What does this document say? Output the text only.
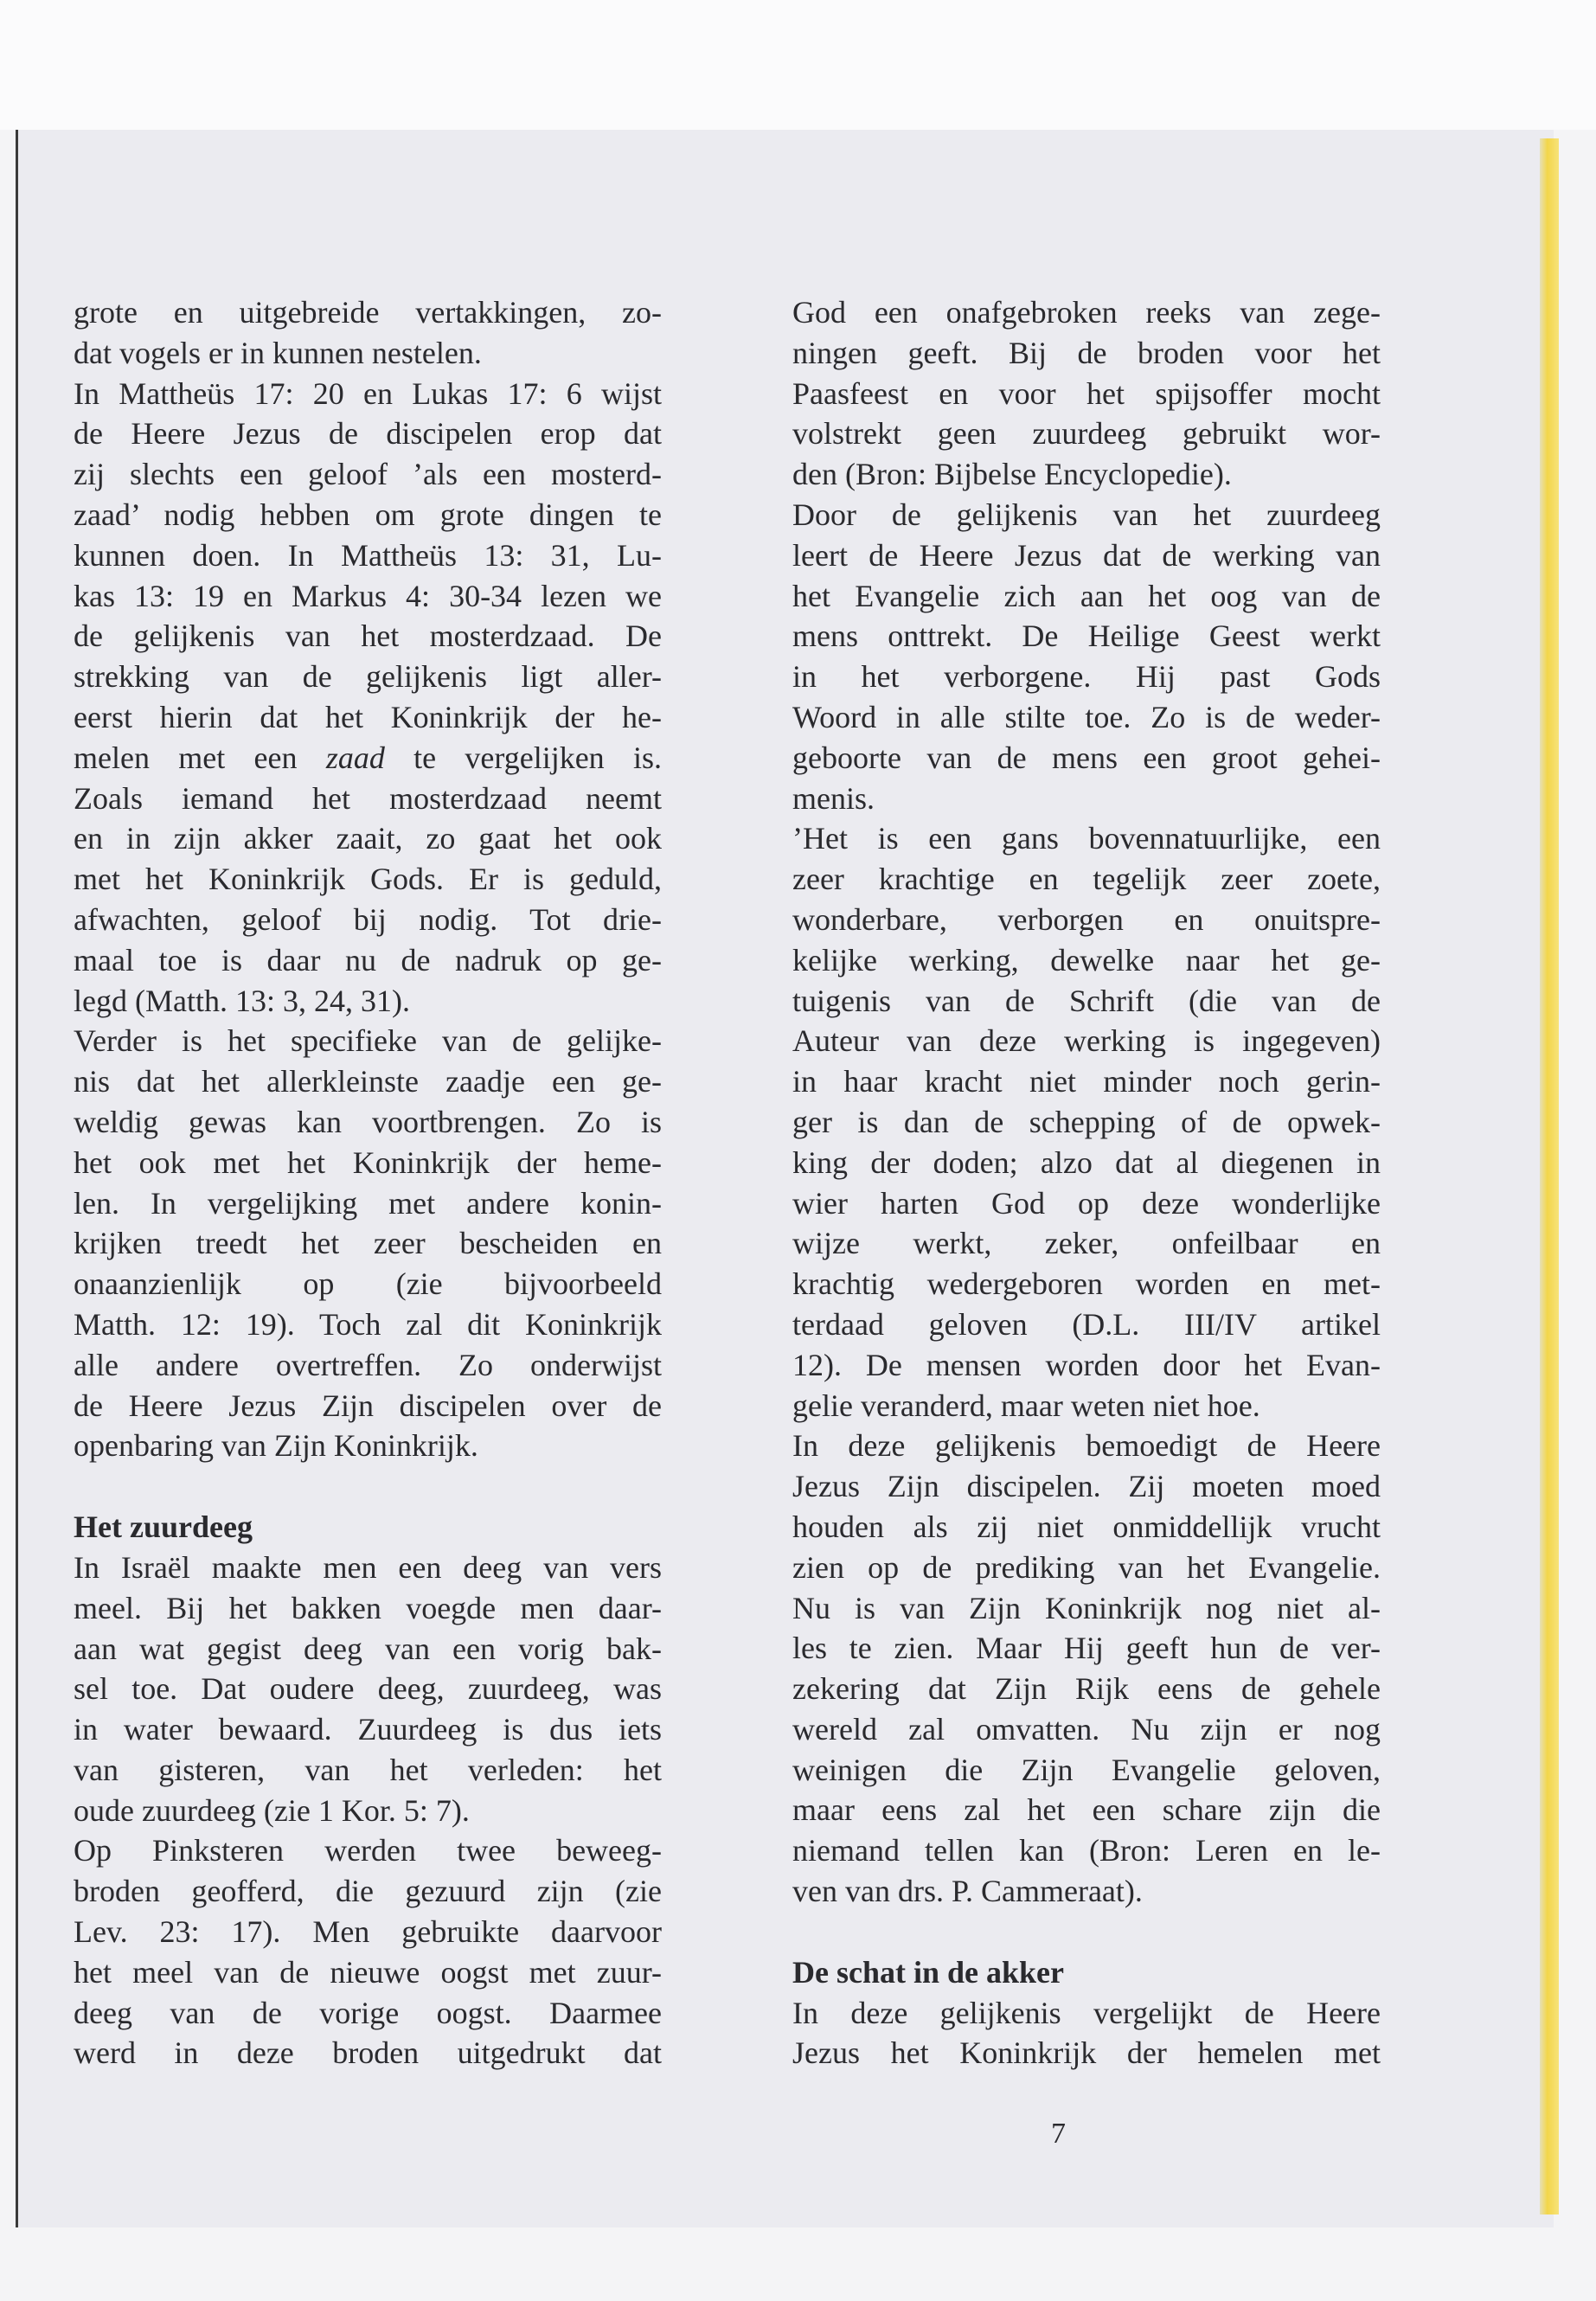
grote en uitgebreide vertakkingen, zo-
dat vogels er in kunnen nestelen.
In Mattheüs 17: 20 en Lukas 17: 6 wijst
de Heere Jezus de discipelen erop dat
zij slechts een geloof ’als een mosterd-
zaad’ nodig hebben om grote dingen te
kunnen doen. In Mattheüs 13: 31, Lu-
kas 13: 19 en Markus 4: 30-34 lezen we
de gelijkenis van het mosterdzaad. De
strekking van de gelijkenis ligt aller-
eerst hierin dat het Koninkrijk der he-
melen met een zaad te vergelijken is.
Zoals iemand het mosterdzaad neemt
en in zijn akker zaait, zo gaat het ook
met het Koninkrijk Gods. Er is geduld,
afwachten, geloof bij nodig. Tot drie-
maal toe is daar nu de nadruk op ge-
legd (Matth. 13: 3, 24, 31).
Verder is het specifieke van de gelijke-
nis dat het allerkleinste zaadje een ge-
weldig gewas kan voortbrengen. Zo is
het ook met het Koninkrijk der heme-
len. In vergelijking met andere konin-
krijken treedt het zeer bescheiden en
onaanzienlijk op (zie bijvoorbeeld
Matth. 12: 19). Toch zal dit Koninkrijk
alle andere overtreffen. Zo onderwijst
de Heere Jezus Zijn discipelen over de
openbaring van Zijn Koninkrijk.
Het zuurdeeg
In Israël maakte men een deeg van vers
meel. Bij het bakken voegde men daar-
aan wat gegist deeg van een vorig bak-
sel toe. Dat oudere deeg, zuurdeeg, was
in water bewaard. Zuurdeeg is dus iets
van gisteren, van het verleden: het
oude zuurdeeg (zie 1 Kor. 5: 7).
Op Pinksteren werden twee beweeg-
broden geofferd, die gezuurd zijn (zie
Lev. 23: 17). Men gebruikte daarvoor
het meel van de nieuwe oogst met zuur-
deeg van de vorige oogst. Daarmee
werd in deze broden uitgedrukt dat
God een onafgebroken reeks van zege-
ningen geeft. Bij de broden voor het
Paasfeest en voor het spijsoffer mocht
volstrekt geen zuurdeeg gebruikt wor-
den (Bron: Bijbelse Encyclopedie).
Door de gelijkenis van het zuurdeeg
leert de Heere Jezus dat de werking van
het Evangelie zich aan het oog van de
mens onttrekt. De Heilige Geest werkt
in het verborgene. Hij past Gods
Woord in alle stilte toe. Zo is de weder-
geboorte van de mens een groot gehei-
menis.
’Het is een gans bovennatuurlijke, een
zeer krachtige en tegelijk zeer zoete,
wonderbare, verborgen en onuitspre-
kelijke werking, dewelke naar het ge-
tuigenis van de Schrift (die van de
Auteur van deze werking is ingegeven)
in haar kracht niet minder noch gerin-
ger is dan de schepping of de opwek-
king der doden; alzo dat al diegenen in
wier harten God op deze wonderlijke
wijze werkt, zeker, onfeilbaar en
krachtig wedergeboren worden en met-
terdaad geloven (D.L. III/IV artikel
12). De mensen worden door het Evan-
gelie veranderd, maar weten niet hoe.
In deze gelijkenis bemoedigt de Heere
Jezus Zijn discipelen. Zij moeten moed
houden als zij niet onmiddellijk vrucht
zien op de prediking van het Evangelie.
Nu is van Zijn Koninkrijk nog niet al-
les te zien. Maar Hij geeft hun de ver-
zekering dat Zijn Rijk eens de gehele
wereld zal omvatten. Nu zijn er nog
weinigen die Zijn Evangelie geloven,
maar eens zal het een schare zijn die
niemand tellen kan (Bron: Leren en le-
ven van drs. P. Cammeraat).
De schat in de akker
In deze gelijkenis vergelijkt de Heere
Jezus het Koninkrijk der hemelen met
7
